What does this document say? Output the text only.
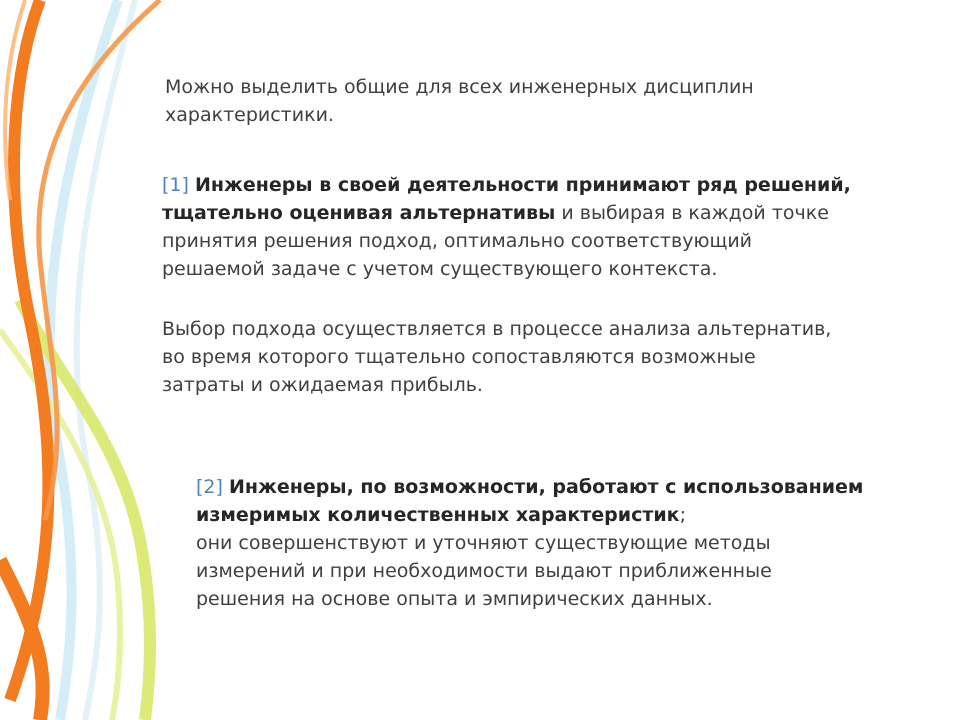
Можно выделить общие для всех инженерных дисциплин
характеристики.

[1] Инженеры в своей деятельности принимают ряд решений,
тщательно оценивая альтернативы и выбирая в каждой точке
принятия решения подход, оптимально соответствующий
решаемой задаче с учетом существующего контекста.

Выбор подхода осуществляется в процессе анализа альтернатив,
во время которого тщательно сопоставляются возможные
затраты и ожидаемая прибыль.

[2] Инженеры, по возможности, работают с использованием
измеримых количественных характеристик;
они совершенствуют и уточняют существующие методы
измерений и при необходимости выдают приближенные
решения на основе опыта и эмпирических данных.
